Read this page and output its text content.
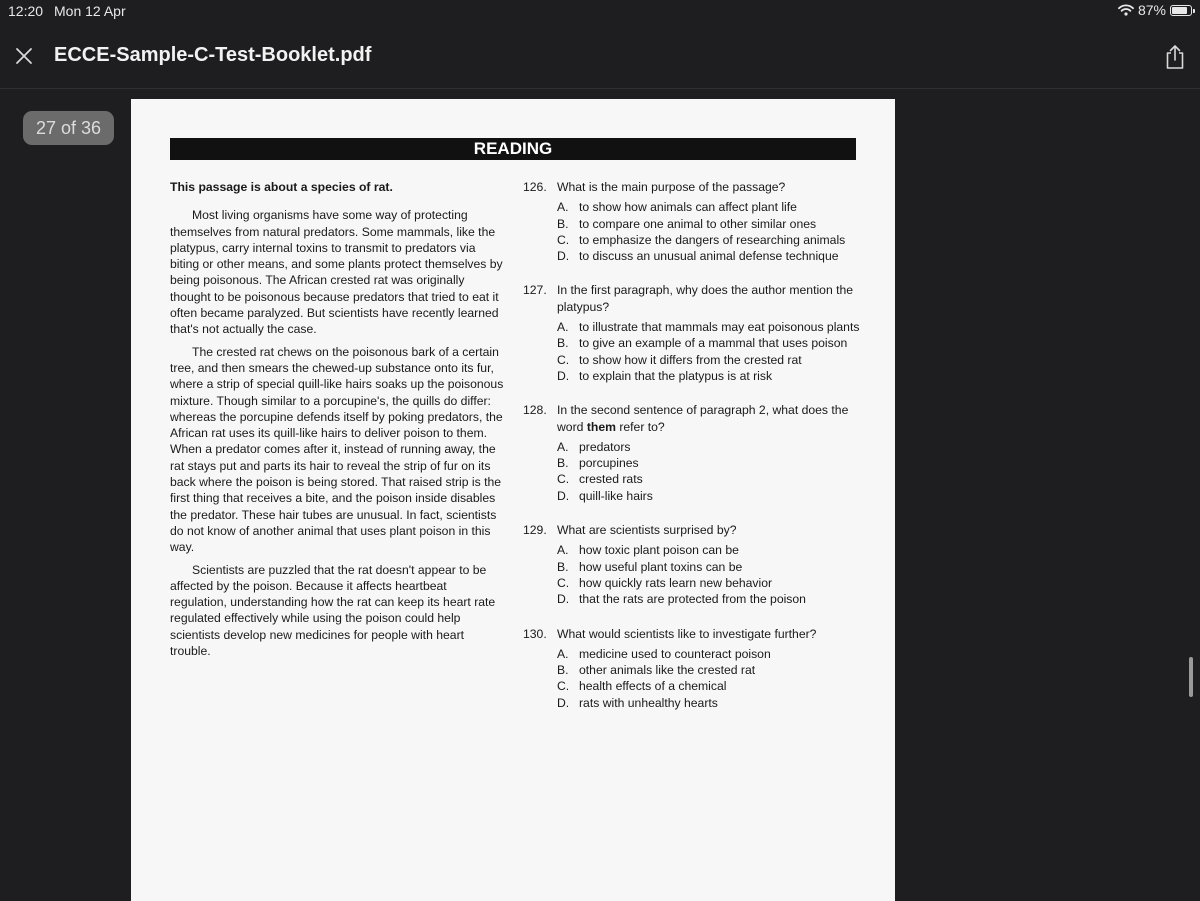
12:20 Mon 12 Apr	87%
ECCE-Sample-C-Test-Booklet.pdf
27 of 36
READING
This passage is about a species of rat.

Most living organisms have some way of protecting themselves from natural predators. Some mammals, like the platypus, carry internal toxins to transmit to predators via biting or other means, and some plants protect themselves by being poisonous. The African crested rat was originally thought to be poisonous because predators that tried to eat it often became paralyzed. But scientists have recently learned that's not actually the case.

The crested rat chews on the poisonous bark of a certain tree, and then smears the chewed-up substance onto its fur, where a strip of special quill-like hairs soaks up the poisonous mixture. Though similar to a porcupine's, the quills do differ: whereas the porcupine defends itself by poking predators, the African rat uses its quill-like hairs to deliver poison to them. When a predator comes after it, instead of running away, the rat stays put and parts its hair to reveal the strip of fur on its back where the poison is being stored. That raised strip is the first thing that receives a bite, and the poison inside disables the predator. These hair tubes are unusual. In fact, scientists do not know of another animal that uses plant poison in this way.

Scientists are puzzled that the rat doesn't appear to be affected by the poison. Because it affects heartbeat regulation, understanding how the rat can keep its heart rate regulated effectively while using the poison could help scientists develop new medicines for people with heart trouble.

126. What is the main purpose of the passage?
A. to show how animals can affect plant life
B. to compare one animal to other similar ones
C. to emphasize the dangers of researching animals
D. to discuss an unusual animal defense technique
127. In the first paragraph, why does the author mention the platypus?
A. to illustrate that mammals may eat poisonous plants
B. to give an example of a mammal that uses poison
C. to show how it differs from the crested rat
D. to explain that the platypus is at risk
128. In the second sentence of paragraph 2, what does the word them refer to?
A. predators
B. porcupines
C. crested rats
D. quill-like hairs
129. What are scientists surprised by?
A. how toxic plant poison can be
B. how useful plant toxins can be
C. how quickly rats learn new behavior
D. that the rats are protected from the poison
130. What would scientists like to investigate further?
A. medicine used to counteract poison
B. other animals like the crested rat
C. health effects of a chemical
D. rats with unhealthy hearts
